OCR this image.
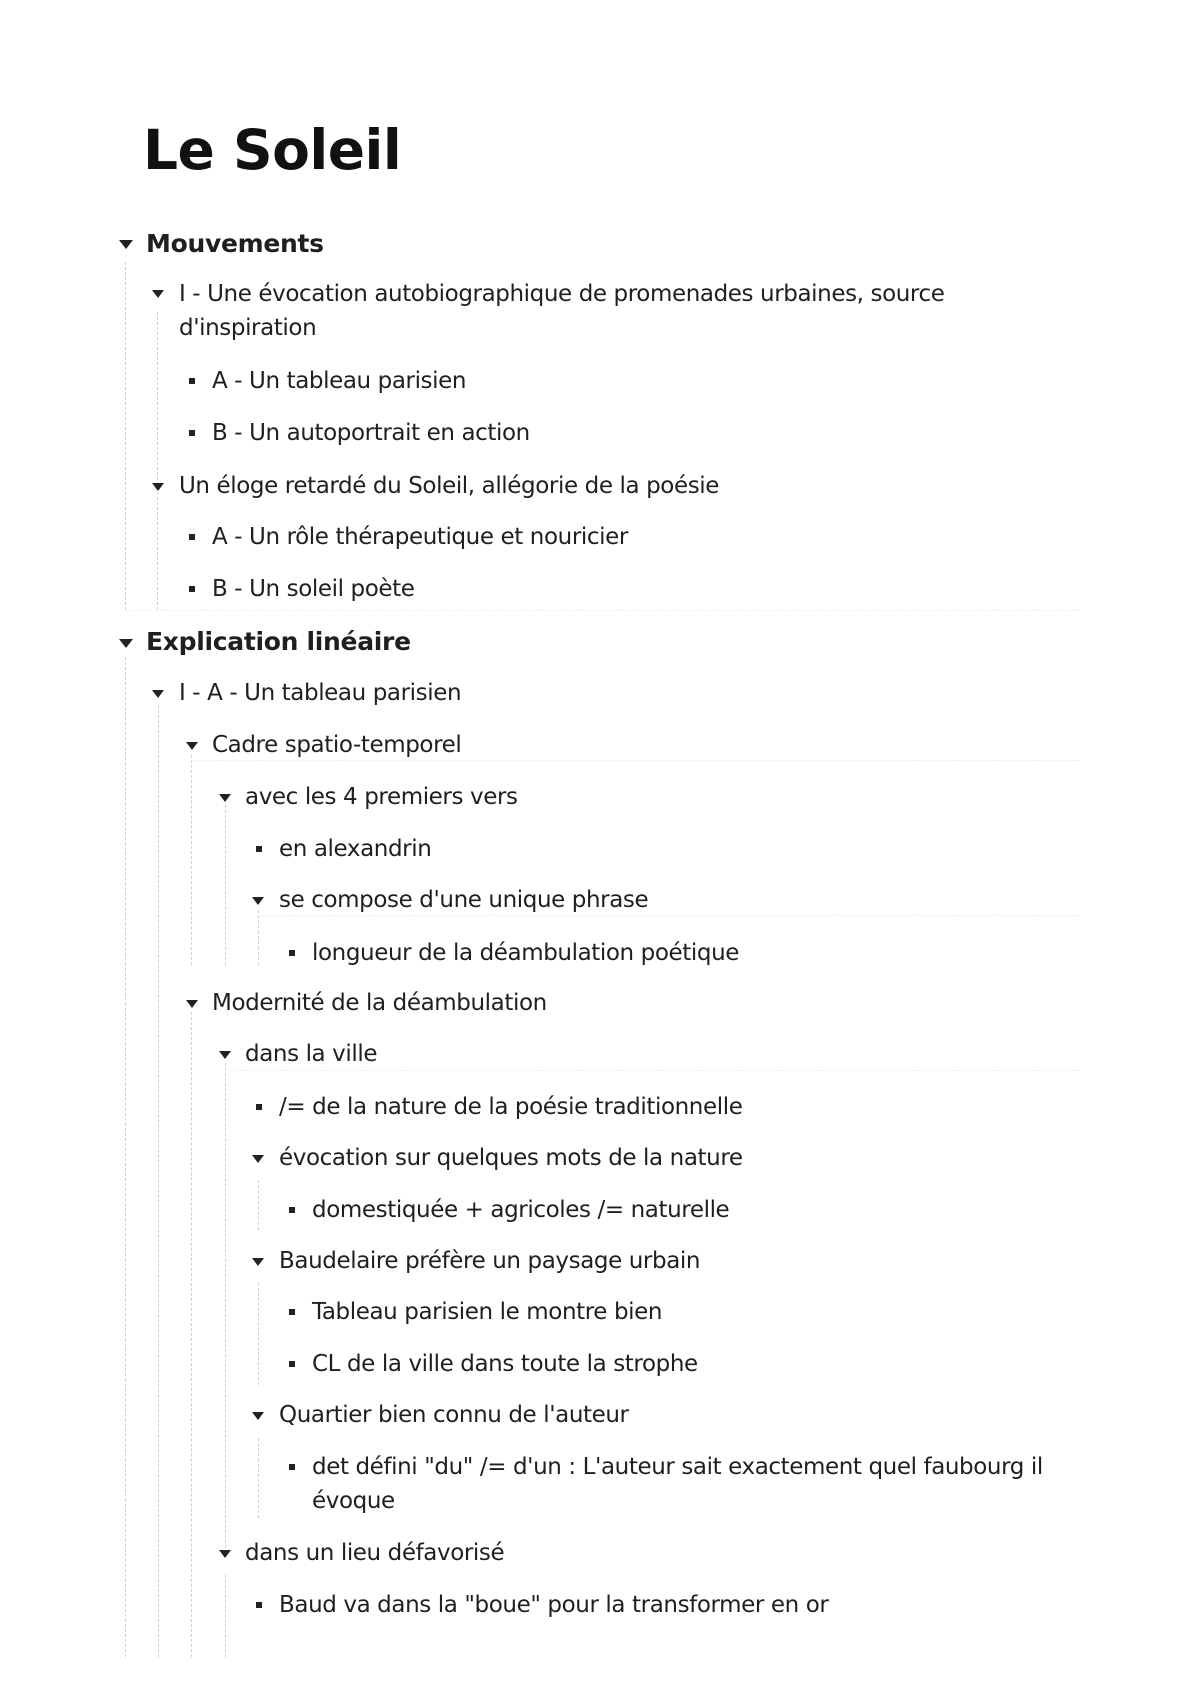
Le Soleil
Mouvements
I - Une évocation autobiographique de promenades urbaines, source
d'inspiration
A - Un tableau parisien
B - Un autoportrait en action
Un éloge retardé du Soleil, allégorie de la poésie
A - Un rôle thérapeutique et nouricier
B - Un soleil poète
Explication linéaire
I - A - Un tableau parisien
Cadre spatio-temporel
avec les 4 premiers vers
en alexandrin
se compose d'une unique phrase
longueur de la déambulation poétique
Modernité de la déambulation
dans la ville
/= de la nature de la poésie traditionnelle
évocation sur quelques mots de la nature
domestiquée + agricoles /= naturelle
Baudelaire préfère un paysage urbain
Tableau parisien le montre bien
CL de la ville dans toute la strophe
Quartier bien connu de l'auteur
det défini "du" /= d'un : L'auteur sait exactement quel faubourg il
évoque
dans un lieu défavorisé
Baud va dans la "boue" pour la transformer en or
